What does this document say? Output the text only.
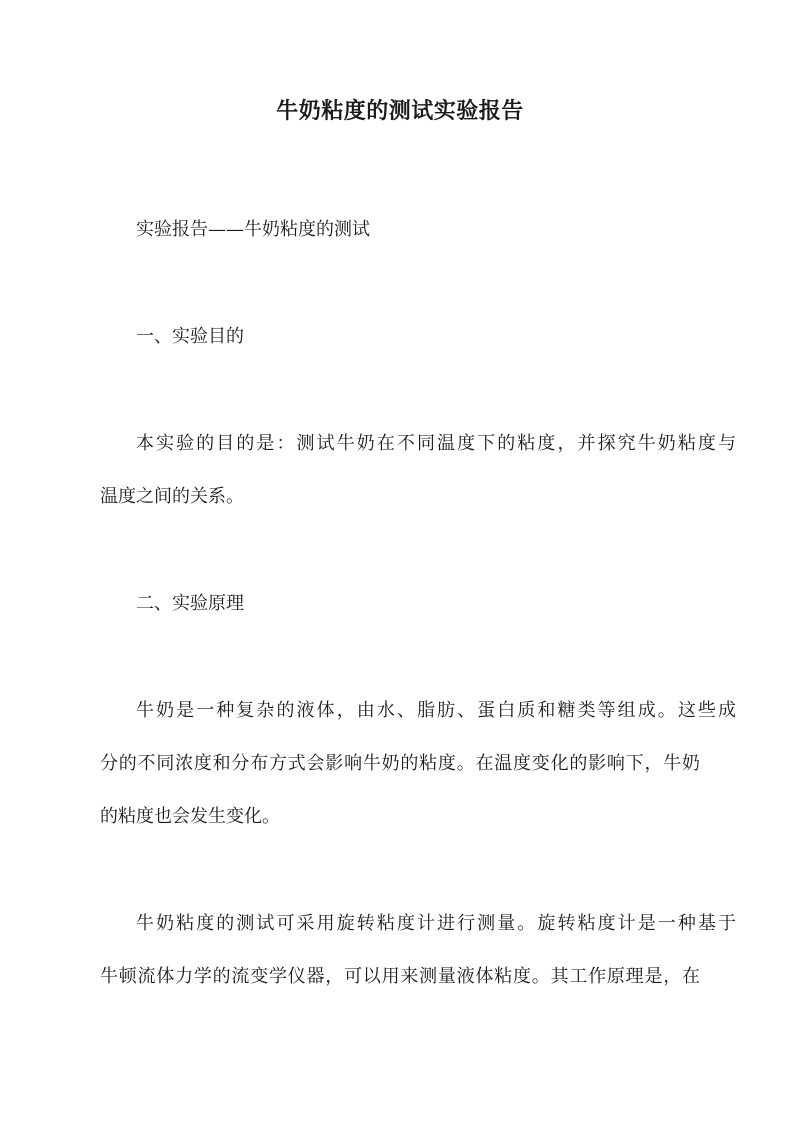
牛奶粘度的测试实验报告

实验报告——牛奶粘度的测试

一、实验目的

本实验的目的是：测试牛奶在不同温度下的粘度，并探究牛奶粘度与

温度之间的关系。

二、实验原理

牛奶是一种复杂的液体，由水、脂肪、蛋白质和糖类等组成。这些成

分的不同浓度和分布方式会影响牛奶的粘度。在温度变化的影响下，牛奶

的粘度也会发生变化。

牛奶粘度的测试可采用旋转粘度计进行测量。旋转粘度计是一种基于

牛顿流体力学的流变学仪器，可以用来测量液体粘度。其工作原理是，在
